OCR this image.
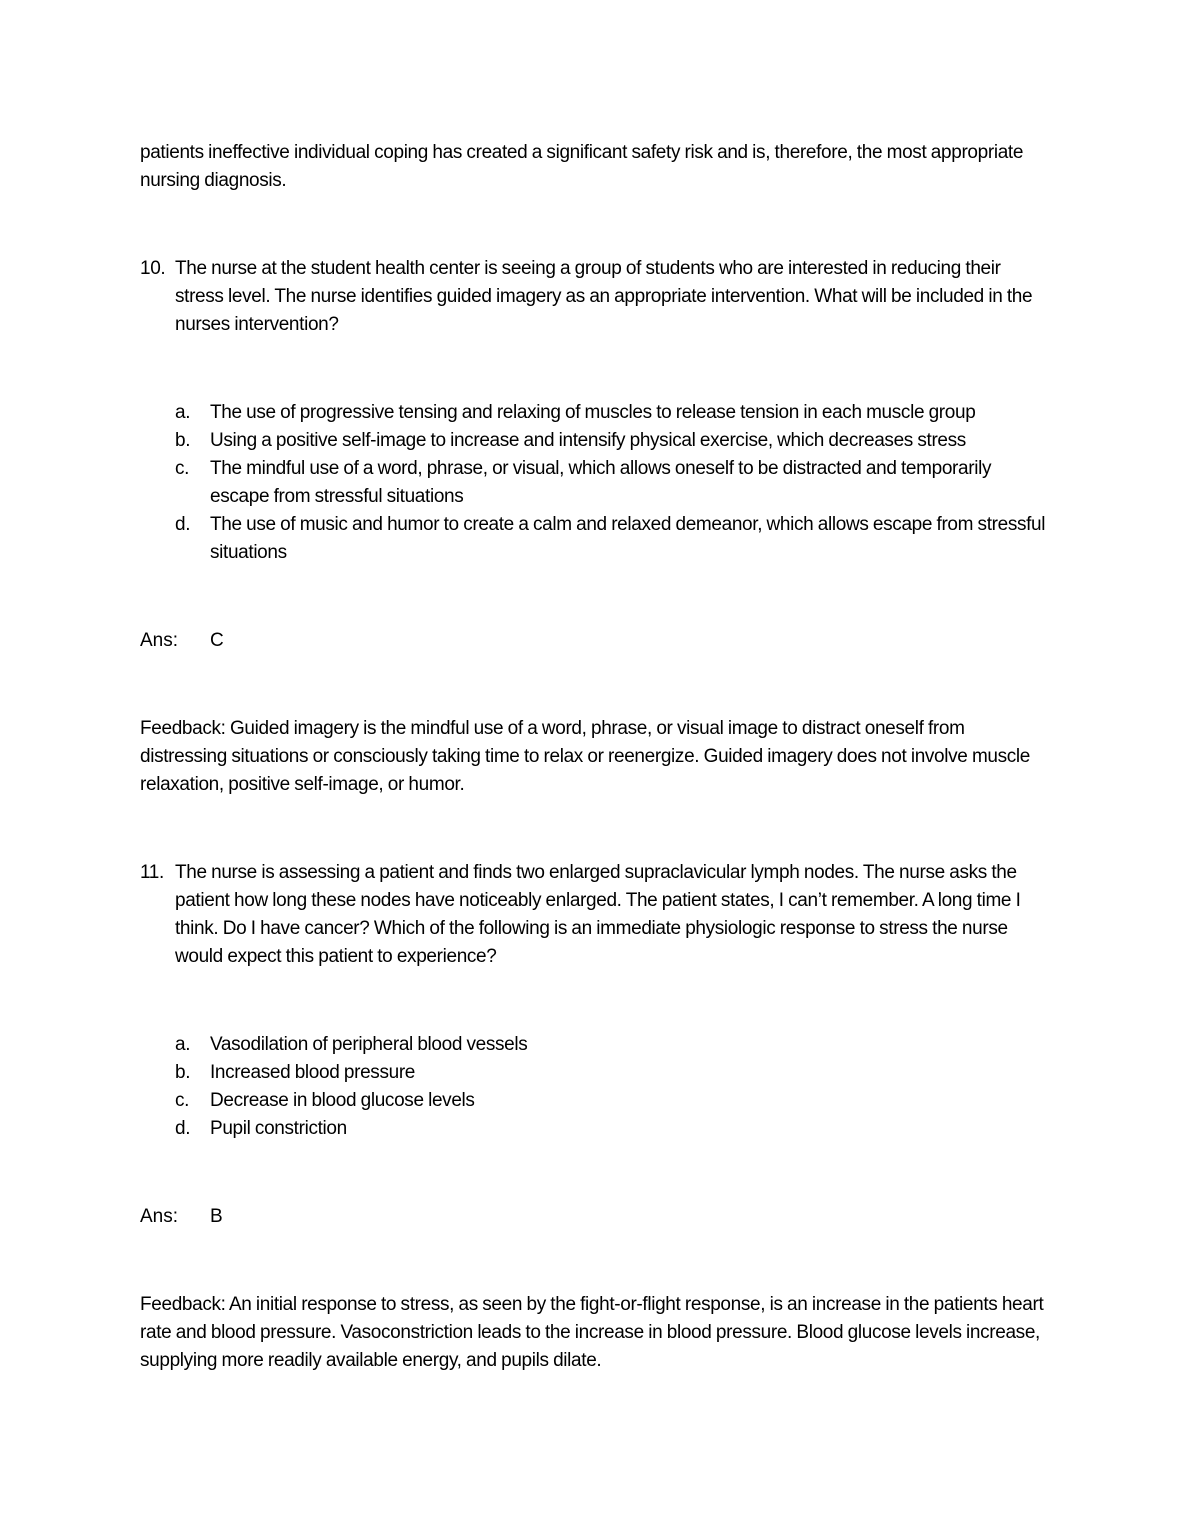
patients ineffective individual coping has created a significant safety risk and is, therefore, the most appropriate nursing diagnosis.
10. The nurse at the student health center is seeing a group of students who are interested in reducing their stress level. The nurse identifies guided imagery as an appropriate intervention. What will be included in the nurses intervention?
a. The use of progressive tensing and relaxing of muscles to release tension in each muscle group
b. Using a positive self-image to increase and intensify physical exercise, which decreases stress
c. The mindful use of a word, phrase, or visual, which allows oneself to be distracted and temporarily escape from stressful situations
d. The use of music and humor to create a calm and relaxed demeanor, which allows escape from stressful situations
Ans: C
Feedback: Guided imagery is the mindful use of a word, phrase, or visual image to distract oneself from distressing situations or consciously taking time to relax or reenergize. Guided imagery does not involve muscle relaxation, positive self-image, or humor.
11. The nurse is assessing a patient and finds two enlarged supraclavicular lymph nodes. The nurse asks the patient how long these nodes have noticeably enlarged. The patient states, I can’t remember. A long time I think. Do I have cancer? Which of the following is an immediate physiologic response to stress the nurse would expect this patient to experience?
a. Vasodilation of peripheral blood vessels
b. Increased blood pressure
c. Decrease in blood glucose levels
d. Pupil constriction
Ans: B
Feedback: An initial response to stress, as seen by the fight-or-flight response, is an increase in the patients heart rate and blood pressure. Vasoconstriction leads to the increase in blood pressure. Blood glucose levels increase, supplying more readily available energy, and pupils dilate.
